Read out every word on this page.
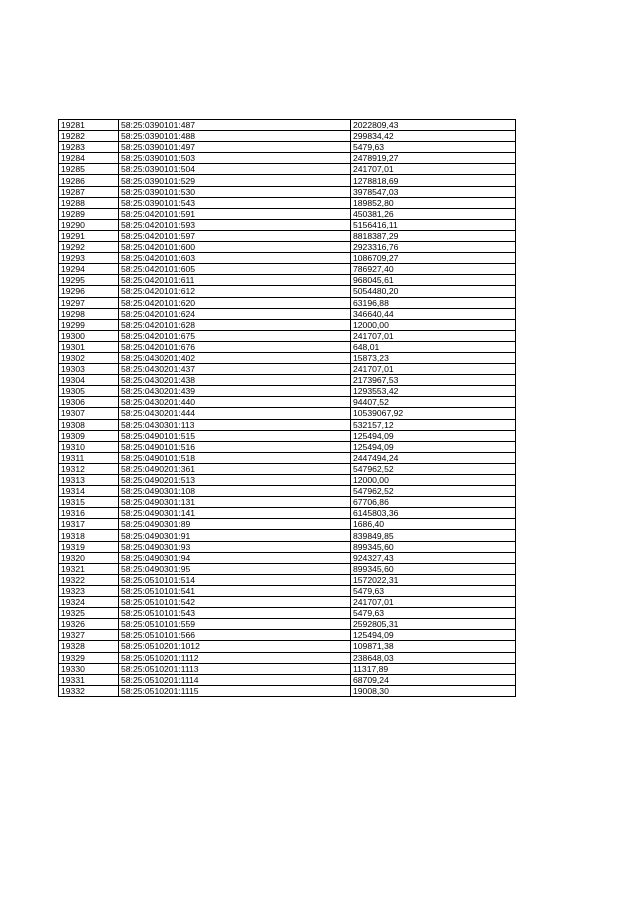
19281	58:25:0390101:487	2022809,43
19282	58:25:0390101:488	299834,42
19283	58:25:0390101:497	5479,63
19284	58:25:0390101:503	2478919,27
19285	58:25:0390101:504	241707,01
19286	58:25:0390101:529	1278818,69
19287	58:25:0390101:530	3978547,03
19288	58:25:0390101:543	189852,80
19289	58:25:0420101:591	450381,26
19290	58:25:0420101:593	5156416,11
19291	58:25:0420101:597	8818387,29
19292	58:25:0420101:600	2923316,76
19293	58:25:0420101:603	1086709,27
19294	58:25:0420101:605	786927,40
19295	58:25:0420101:611	968045,61
19296	58:25:0420101:612	5054480,20
19297	58:25:0420101:620	63196,88
19298	58:25:0420101:624	346640,44
19299	58:25:0420101:628	12000,00
19300	58:25:0420101:675	241707,01
19301	58:25:0420101:676	648,01
19302	58:25:0430201:402	15873,23
19303	58:25:0430201:437	241707,01
19304	58:25:0430201:438	2173967,53
19305	58:25:0430201:439	1293553,42
19306	58:25:0430201:440	94407,52
19307	58:25:0430201:444	10539067,92
19308	58:25:0430301:113	532157,12
19309	58:25:0490101:515	125494,09
19310	58:25:0490101:516	125494,09
19311	58:25:0490101:518	2447494,24
19312	58:25:0490201:361	547962,52
19313	58:25:0490201:513	12000,00
19314	58:25:0490301:108	547962,52
19315	58:25:0490301:131	67706,86
19316	58:25:0490301:141	6145803,36
19317	58:25:0490301:89	1686,40
19318	58:25:0490301:91	839849,85
19319	58:25:0490301:93	899345,60
19320	58:25:0490301:94	924327,43
19321	58:25:0490301:95	899345,60
19322	58:25:0510101:514	1572022,31
19323	58:25:0510101:541	5479,63
19324	58:25:0510101:542	241707,01
19325	58:25:0510101:543	5479,63
19326	58:25:0510101:559	2592805,31
19327	58:25:0510101:566	125494,09
19328	58:25:0510201:1012	109871,38
19329	58:25:0510201:1112	238648,03
19330	58:25:0510201:1113	11317,89
19331	58:25:0510201:1114	68709,24
19332	58:25:0510201:1115	19008,30
